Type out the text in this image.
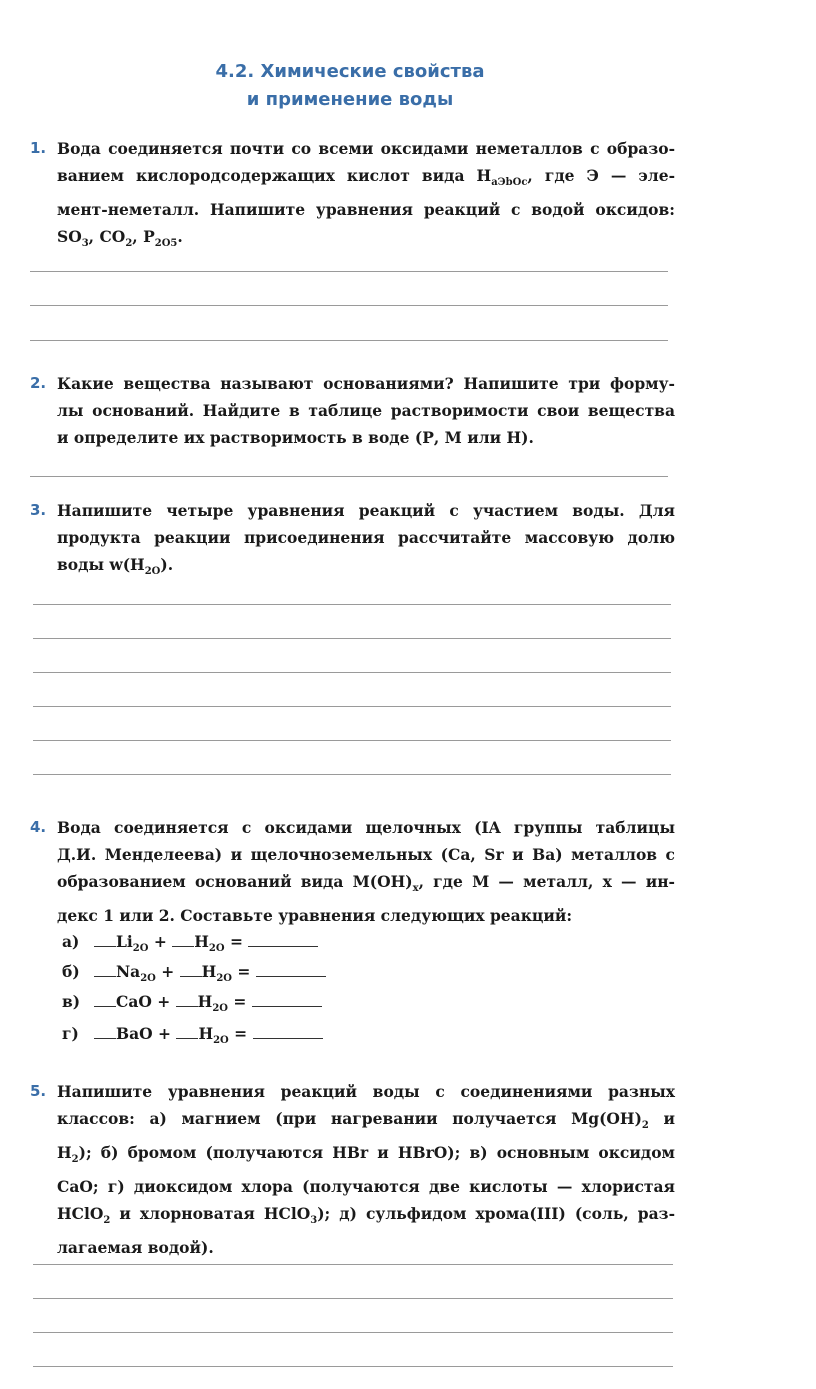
4.2. Химические свойства
и применение воды
1. Вода соединяется почти со всеми оксидами неметаллов с образо-
ванием кислородсодержащих кислот вида $H_{aЭbOc}$, где Э — эле-
мент-неметалл. Напишите уравнения реакций с водой оксидов:
$SO_3$, $CO_2$, $P_{2O5}$.
2. Какие вещества называют основаниями? Напишите три форму-
лы оснований. Найдите в таблице растворимости свои вещества
и определите их растворимость в воде (Р, М или Н).
3. Напишите четыре уравнения реакций с участием воды. Для
продукта реакции присоединения рассчитайте массовую долю
воды $w(H_{2O})$.
4. Вода соединяется с оксидами щелочных (IA группы таблицы
Д.И. Менделеева) и щелочноземельных (Ca, Sr и Ba) металлов с
образованием оснований вида $M(OH)_x$, где М — металл, x — ин-
декс 1 или 2. Составьте уравнения следующих реакций:
а) $Li_{2O} + H_{2O}$ =
б) $Na_{2O} + H_{2O}$ =
в) CaO + $H_{2O}$ =
г) BaO + $H_{2O}$ =
5. Напишите уравнения реакций воды с соединениями разных
классов: а) магнием (при нагревании получается $Mg(OH)_2$ и
$H_2$); б) бромом (получаются HBr и HBrO); в) основным оксидом
CaO; г) диоксидом хлора (получаются две кислоты — хлористая
HClO$_2$ и хлорноватая HClO$_3$); д) сульфидом хрома(III) (соль, раз-
лагаемая водой).
